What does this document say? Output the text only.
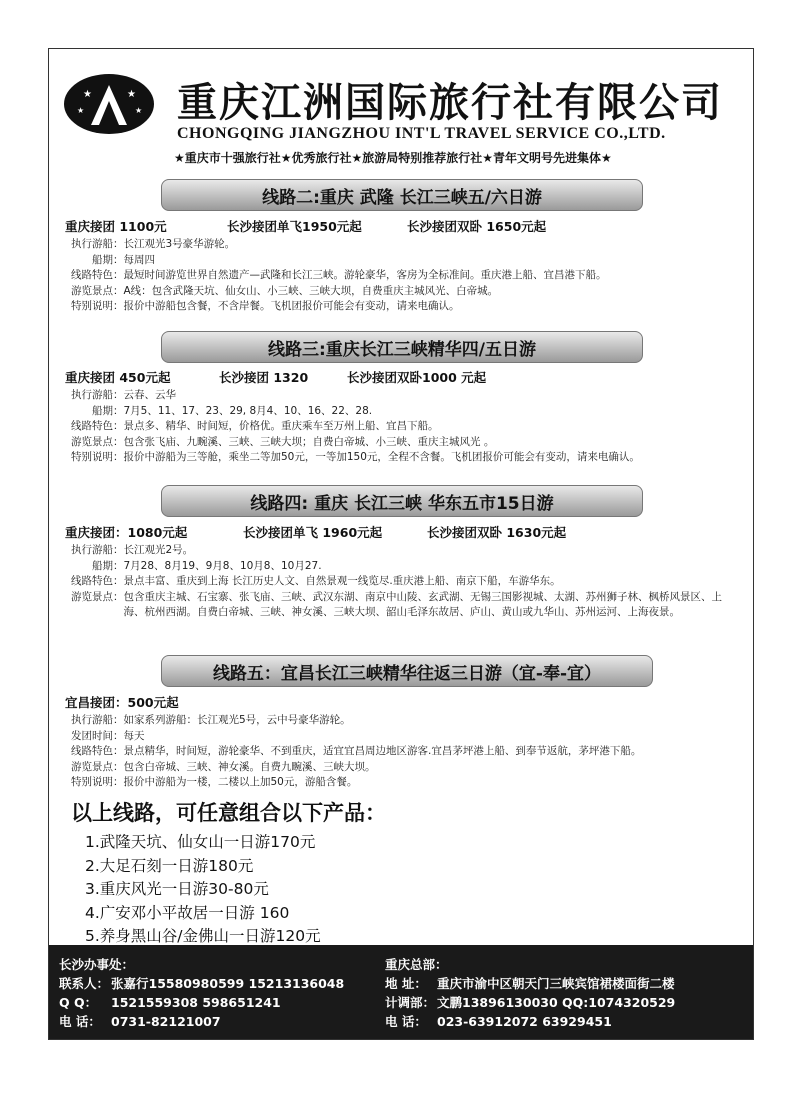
★	★
★	★ 重庆江洲国际旅行社有限公司
CHONGQING JIANGZHOU INT'L TRAVEL SERVICE CO.,LTD.
★重庆市十强旅行社★优秀旅行社★旅游局特别推荐旅行社★青年文明号先进集体★
线路二:重庆 武隆 长江三峡五/六日游
重庆接团 1100元	长沙接团单飞1950元起	长沙接团双卧 1650元起
执行游船： 长江观光3号豪华游轮。
船期： 每周四
线路特色： 最短时间游览世界自然遗产—武隆和长江三峡。游轮豪华，客房为全标准间。重庆港上船、宜昌港下船。
游览景点： A线：包含武隆天坑、仙女山、小三峡、三峡大坝，自费重庆主城风光、白帝城。
特别说明： 报价中游船包含餐，不含岸餐。飞机团报价可能会有变动，请来电确认。
线路三:重庆长江三峡精华四/五日游
重庆接团 450元起	长沙接团 1320	长沙接团双卧1000 元起
执行游船： 云春、云华
船期： 7月5、11、17、23、29, 8月4、10、16、22、28.
线路特色： 景点多、精华、时间短，价格优。重庆乘车至万州上船、宜昌下船。
游览景点： 包含张飞庙、九畹溪、三峡、三峡大坝；自费白帝城、小三峡、重庆主城风光 。
特别说明： 报价中游船为三等舱，乘坐二等加50元，一等加150元，全程不含餐。飞机团报价可能会有变动，请来电确认。
线路四: 重庆 长江三峡 华东五市15日游
重庆接团：1080元起	长沙接团单飞 1960元起	长沙接团双卧 1630元起
执行游船： 长江观光2号。
船期： 7月28、8月19、9月8、10月8、10月27.
线路特色： 景点丰富、重庆到上海 长江历史人文、自然景观一线览尽.重庆港上船、南京下船，车游华东。
游览景点： 包含重庆主城、石宝寨、张飞庙、三峡、武汉东湖、南京中山陵、玄武湖、无锡三国影视城、太湖、苏州狮子林、枫桥风景区、上海、杭州西湖。自费白帝城、三峡、神女溪、三峡大坝、韶山毛泽东故居、庐山、黄山或九华山、苏州运河、上海夜景。
线路五：宜昌长江三峡精华往返三日游（宜-奉-宜）
宜昌接团：500元起
执行游船： 如家系列游船：长江观光5号，云中号豪华游轮。
发团时间： 每天
线路特色： 景点精华，时间短，游轮豪华、不到重庆，适宜宜昌周边地区游客.宜昌茅坪港上船、到奉节返航，茅坪港下船。
游览景点： 包含白帝城、三峡、神女溪。自费九畹溪、三峡大坝。
特别说明： 报价中游船为一楼，二楼以上加50元，游船含餐。
以上线路，可任意组合以下产品：
1.武隆天坑、仙女山一日游170元
2.大足石刻一日游180元
3.重庆风光一日游30-80元
4.广安邓小平故居一日游 160
5.养身黑山谷/金佛山一日游120元
长沙办事处：
联系人： 张嘉行15580980599 15213136048
Q Q： 1521559308 598651241
电 话： 0731-82121007
重庆总部：
地 址： 重庆市渝中区朝天门三峡宾馆裙楼面街二楼
计调部： 文鹏13896130030 QQ:1074320529
电 话： 023-63912072 63929451
